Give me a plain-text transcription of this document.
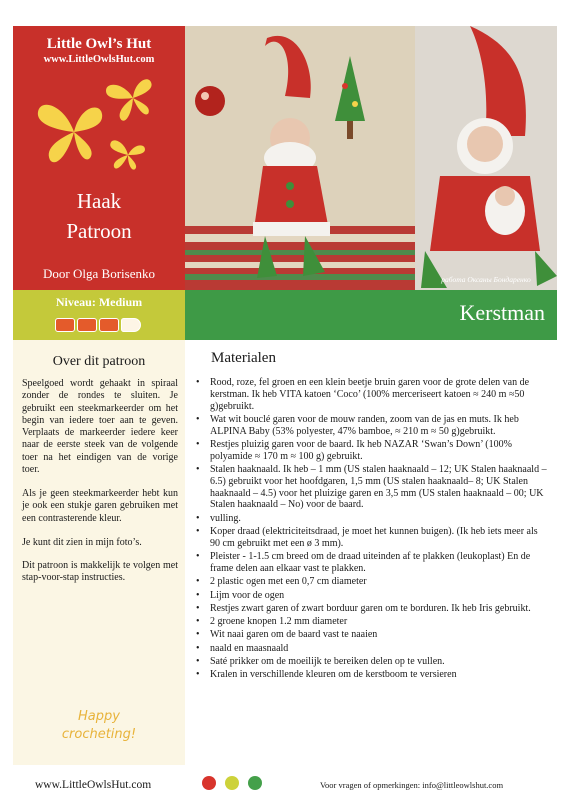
Little Owl’s Hut
www.LittleOwlsHut.com
Haak
Patroon
Door Olga Borisenko	работа Оксаны Бондаренко
Niveau: Medium	Kerstman
Over dit patroon
Speelgoed wordt gehaakt in spiraal zonder de rondes te sluiten. Je gebruikt een steekmarkeerder om het begin van iedere toer aan te geven. Verplaats de markeerder iedere keer naar de eerste steek van de volgende toer na het eindigen van de vorige toer.
Als je geen steekmarkeerder hebt kun je ook een stukje garen gebruiken met een contrasterende kleur.
Je kunt dit zien in mijn foto’s.
Dit patroon is makkelijk te volgen met stap-voor-stap instructies.
Happy
crocheting!
Materialen
• Rood, roze, fel groen en een klein beetje bruin garen voor de grote delen van de kerstman. Ik heb VITA katoen ‘Coco’ (100% merceriseert katoen ≈ 240 m ≈50 g)gebruikt.
• Wat wit bouclé garen voor de mouw randen, zoom van de jas en muts. Ik heb ALPINA Baby (53% polyester, 47% bamboe, ≈ 210 m ≈ 50 g)gebruikt.
• Restjes pluizig garen voor de baard. Ik heb NAZAR ‘Swan’s Down’ (100% polyamide ≈ 170 m ≈ 100 g) gebruikt.
• Stalen haaknaald. Ik heb – 1 mm (US stalen haaknaald – 12; UK Stalen haaknaald – 6.5) gebruikt voor het hoofdgaren, 1,5 mm (US stalen haaknaald– 8; UK Stalen haaknaald – 4.5) voor het pluizige garen en 3,5 mm (US stalen haaknaald – 00; UK Stalen haaknaald – No) voor de baard.
• vulling.
• Koper draad (elektriciteitsdraad, je moet het kunnen buigen). (Ik heb iets meer als 90 cm gebruikt met een ø 3 mm).
• Pleister - 1-1.5 cm breed om de draad uiteinden af te plakken (leukoplast) En de frame delen aan elkaar vast te plakken.
• 2 plastic ogen met een 0,7 cm diameter
• Lijm voor de ogen
• Restjes zwart garen of zwart borduur garen om te borduren. Ik heb Iris gebruikt.
• 2 groene knopen 1.2 mm diameter
• Wit naai garen om de baard vast te naaien
• naald en maasnaald
• Saté prikker om de moeilijk te bereiken delen op te vullen.
• Kralen in verschillende kleuren om de kerstboom te versieren
www.LittleOwlsHut.com	Voor vragen of opmerkingen: info@littleowlshut.com
